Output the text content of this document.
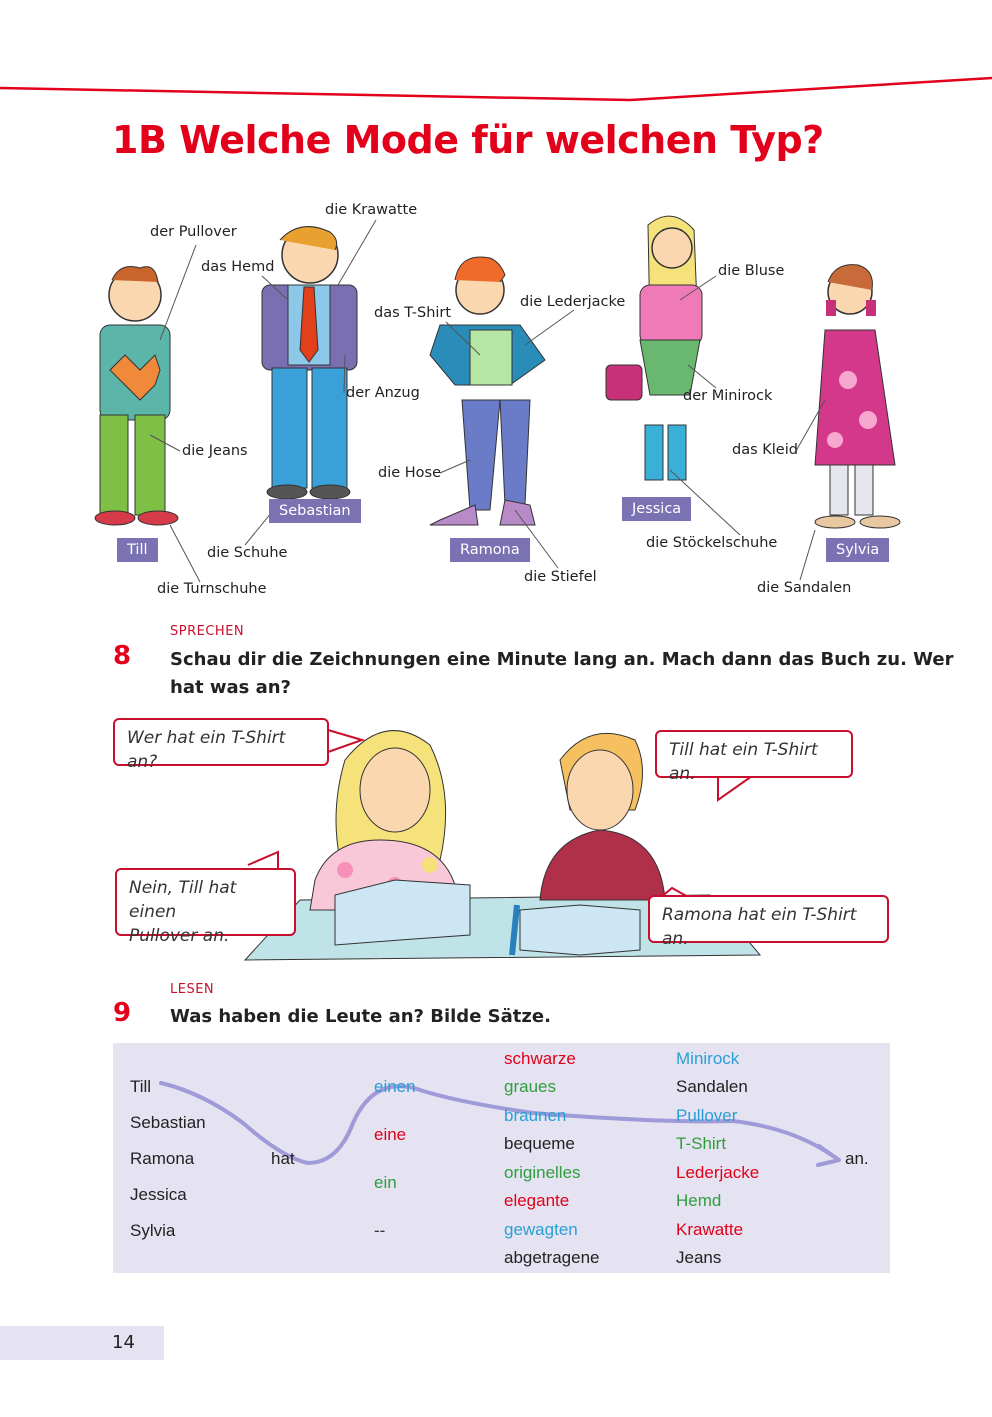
1B Welche Mode für welchen Typ?
der Pullover
die Krawatte
das Hemd
die Jeans
der Anzug
das T-Shirt
die Lederjacke
die Hose
die Schuhe
die Turnschuhe
die Stiefel
die Bluse
der Minirock
das Kleid
die Stöckelschuhe
die Sandalen
Till
Sebastian
Ramona
Jessica
Sylvia
SPRECHEN
8 Schau dir die Zeichnungen eine Minute lang an. Mach dann das Buch zu. Wer
hat was an?
Wer hat ein T-Shirt an?
Till hat ein T-Shirt an.
Nein, Till hat einen
Pullover an.
Ramona hat ein T-Shirt an.
LESEN
9 Was haben die Leute an? Bilde Sätze.
Till
Sebastian
Ramona
Jessica
Sylvia
hat
einen
eine
ein
--
schwarze
graues
braunen
bequeme
originelles
elegante
gewagten
abgetragene
Minirock
Sandalen
Pullover
T-Shirt
Lederjacke
Hemd
Krawatte
Jeans
an.
14
